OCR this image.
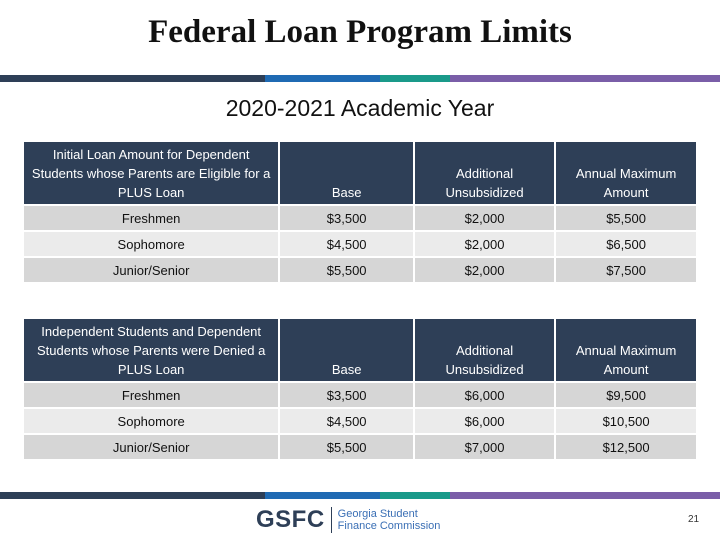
Federal Loan Program Limits
2020-2021 Academic Year
Initial Loan Amount for Dependent Students whose Parents are Eligible for a PLUS Loan	Base	Additional Unsubsidized	Annual Maximum Amount
Freshmen	$3,500	$2,000	$5,500
Sophomore	$4,500	$2,000	$6,500
Junior/Senior	$5,500	$2,000	$7,500
Independent Students and Dependent Students whose Parents were Denied a PLUS Loan	Base	Additional Unsubsidized	Annual Maximum Amount
Freshmen	$3,500	$6,000	$9,500
Sophomore	$4,500	$6,000	$10,500
Junior/Senior	$5,500	$7,000	$12,500
GSFC Georgia Student
Finance Commission
21
